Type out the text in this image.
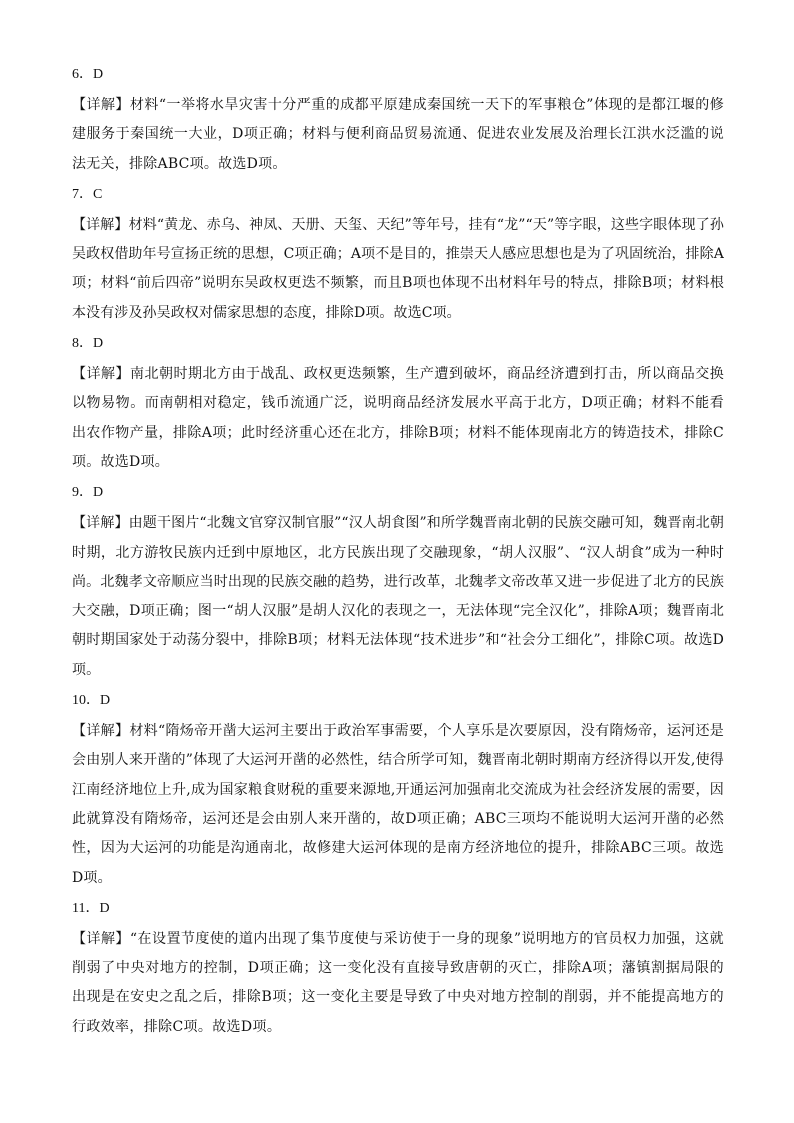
6．D
【详解】材料“一举将水旱灾害十分严重的成都平原建成秦国统一天下的军事粮仓”体现的是都江堰的修建服务于秦国统一大业，D项正确；材料与便利商品贸易流通、促进农业发展及治理长江洪水泛滥的说法无关，排除ABC项。故选D项。
7．C
【详解】材料“黄龙、赤乌、神凤、天册、天玺、天纪”等年号，挂有“龙”“天”等字眼，这些字眼体现了孙吴政权借助年号宣扬正统的思想，C项正确；A项不是目的，推崇天人感应思想也是为了巩固统治，排除A项；材料“前后四帝”说明东吴政权更迭不频繁，而且B项也体现不出材料年号的特点，排除B项；材料根本没有涉及孙吴政权对儒家思想的态度，排除D项。故选C项。
8．D
【详解】南北朝时期北方由于战乱、政权更迭频繁，生产遭到破坏，商品经济遭到打击，所以商品交换以物易物。而南朝相对稳定，钱币流通广泛，说明商品经济发展水平高于北方，D项正确；材料不能看出农作物产量，排除A项；此时经济重心还在北方，排除B项；材料不能体现南北方的铸造技术，排除C项。故选D项。
9．D
【详解】由题干图片“北魏文官穿汉制官服”“汉人胡食图”和所学魏晋南北朝的民族交融可知，魏晋南北朝时期，北方游牧民族内迁到中原地区，北方民族出现了交融现象，“胡人汉服”、“汉人胡食”成为一种时尚。北魏孝文帝顺应当时出现的民族交融的趋势，进行改革，北魏孝文帝改革又进一步促进了北方的民族大交融，D项正确；图一“胡人汉服”是胡人汉化的表现之一，无法体现“完全汉化”，排除A项；魏晋南北朝时期国家处于动荡分裂中，排除B项；材料无法体现“技术进步”和“社会分工细化”，排除C项。故选D项。
10．D
【详解】材料“隋炀帝开凿大运河主要出于政治军事需要，个人享乐是次要原因，没有隋炀帝，运河还是会由别人来开凿的”体现了大运河开凿的必然性，结合所学可知，魏晋南北朝时期南方经济得以开发,使得江南经济地位上升,成为国家粮食财税的重要来源地,开通运河加强南北交流成为社会经济发展的需要，因此就算没有隋炀帝，运河还是会由别人来开凿的，故D项正确；ABC三项均不能说明大运河开凿的必然性，因为大运河的功能是沟通南北，故修建大运河体现的是南方经济地位的提升，排除ABC三项。故选D项。
11．D
【详解】“在设置节度使的道内出现了集节度使与采访使于一身的现象”说明地方的官员权力加强，这就削弱了中央对地方的控制，D项正确；这一变化没有直接导致唐朝的灭亡，排除A项；藩镇割据局限的出现是在安史之乱之后，排除B项；这一变化主要是导致了中央对地方控制的削弱，并不能提高地方的行政效率，排除C项。故选D项。
